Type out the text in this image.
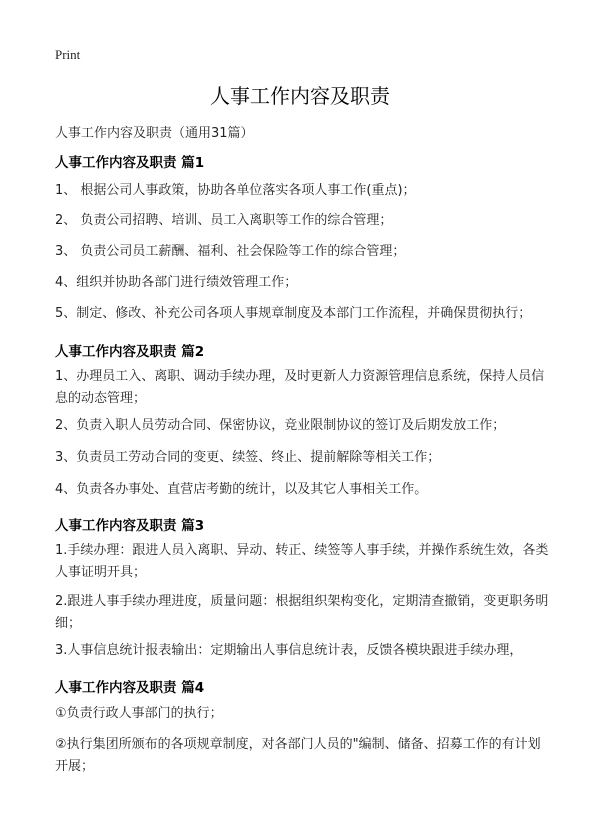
Print
人事工作内容及职责
人事工作内容及职责（通用31篇）
人事工作内容及职责 篇1

1、 根据公司人事政策，协助各单位落实各项人事工作(重点)；

2、 负责公司招聘、培训、员工入离职等工作的综合管理；

3、 负责公司员工薪酬、福利、社会保险等工作的综合管理；

4、组织并协助各部门进行绩效管理工作；

5、制定、修改、补充公司各项人事规章制度及本部门工作流程，并确保贯彻执行；

人事工作内容及职责 篇2

1、办理员工入、离职、调动手续办理，及时更新人力资源管理信息系统，保持人员信息的动态管理；

2、负责入职人员劳动合同、保密协议，竞业限制协议的签订及后期发放工作；

3、负责员工劳动合同的变更、续签、终止、提前解除等相关工作；

4、负责各办事处、直营店考勤的统计，以及其它人事相关工作。

人事工作内容及职责 篇3

1.手续办理：跟进人员入离职、异动、转正、续签等人事手续，并操作系统生效，各类人事证明开具；

2.跟进人事手续办理进度，质量问题：根据组织架构变化，定期清查撤销，变更职务明细；

3.人事信息统计报表输出：定期输出人事信息统计表，反馈各模块跟进手续办理，

人事工作内容及职责 篇4

①负责行政人事部门的执行；

②执行集团所颁布的各项规章制度，对各部门人员的"编制、储备、招募工作的有计划开展；
